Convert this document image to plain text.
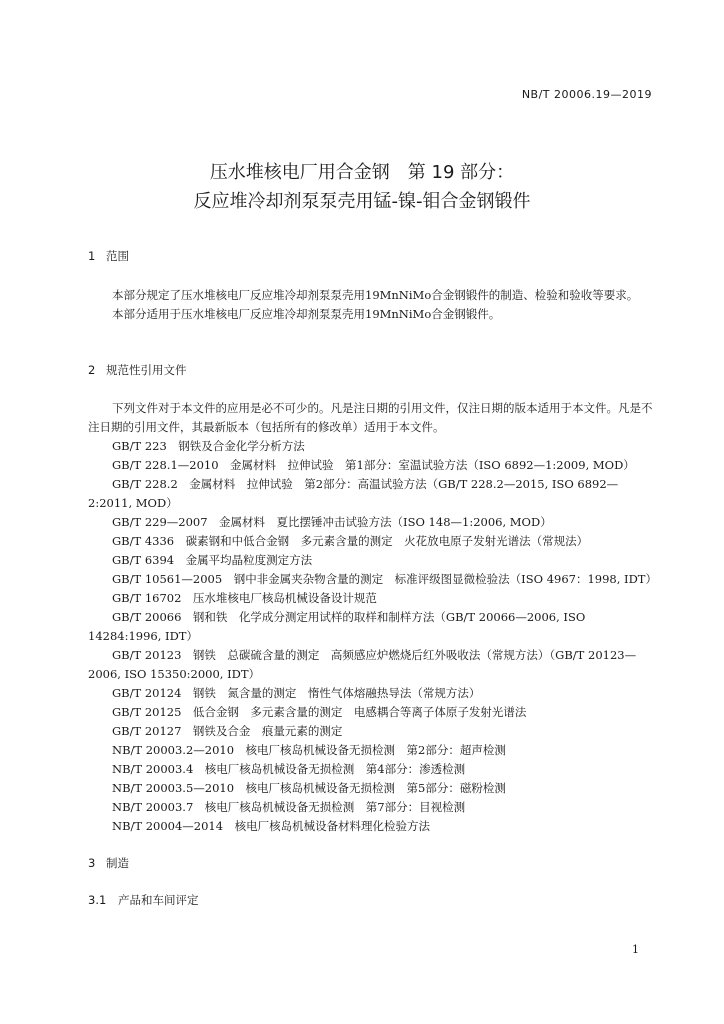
NB/T 20006.19—2019
压水堆核电厂用合金钢　第 19 部分：
反应堆冷却剂泵泵壳用锰-镍-钼合金钢锻件
1 范围

本部分规定了压水堆核电厂反应堆冷却剂泵泵壳用19MnNiMo合金钢锻件的制造、检验和验收等要求。

本部分适用于压水堆核电厂反应堆冷却剂泵泵壳用19MnNiMo合金钢锻件。

2 规范性引用文件

下列文件对于本文件的应用是必不可少的。凡是注日期的引用文件，仅注日期的版本适用于本文件。凡是不注日期的引用文件，其最新版本（包括所有的修改单）适用于本文件。

GB/T 223　钢铁及合金化学分析方法
GB/T 228.1—2010　金属材料　拉伸试验　第1部分：室温试验方法（ISO 6892—1:2009, MOD）
GB/T 228.2　金属材料　拉伸试验　第2部分：高温试验方法（GB/T 228.2—2015, ISO 6892—2:2011, MOD）
GB/T 229—2007　金属材料　夏比摆锤冲击试验方法（ISO 148—1:2006, MOD）
GB/T 4336　碳素钢和中低合金钢　多元素含量的测定　火花放电原子发射光谱法（常规法）
GB/T 6394　金属平均晶粒度测定方法
GB/T 10561—2005　钢中非金属夹杂物含量的测定　标准评级图显微检验法（ISO 4967：1998, IDT）
GB/T 16702　压水堆核电厂核岛机械设备设计规范
GB/T 20066　钢和铁　化学成分测定用试样的取样和制样方法（GB/T 20066—2006, ISO 14284:1996, IDT）
GB/T 20123　钢铁　总碳硫含量的测定　高频感应炉燃烧后红外吸收法（常规方法）（GB/T 20123—2006, ISO 15350:2000, IDT）
GB/T 20124　钢铁　氮含量的测定　惰性气体熔融热导法（常规方法）
GB/T 20125　低合金钢　多元素含量的测定　电感耦合等离子体原子发射光谱法
GB/T 20127　钢铁及合金　痕量元素的测定
NB/T 20003.2—2010　核电厂核岛机械设备无损检测　第2部分：超声检测
NB/T 20003.4　核电厂核岛机械设备无损检测　第4部分：渗透检测
NB/T 20003.5—2010　核电厂核岛机械设备无损检测　第5部分：磁粉检测
NB/T 20003.7　核电厂核岛机械设备无损检测　第7部分：目视检测
NB/T 20004—2014　核电厂核岛机械设备材料理化检验方法
3 制造
3.1 产品和车间评定
1
